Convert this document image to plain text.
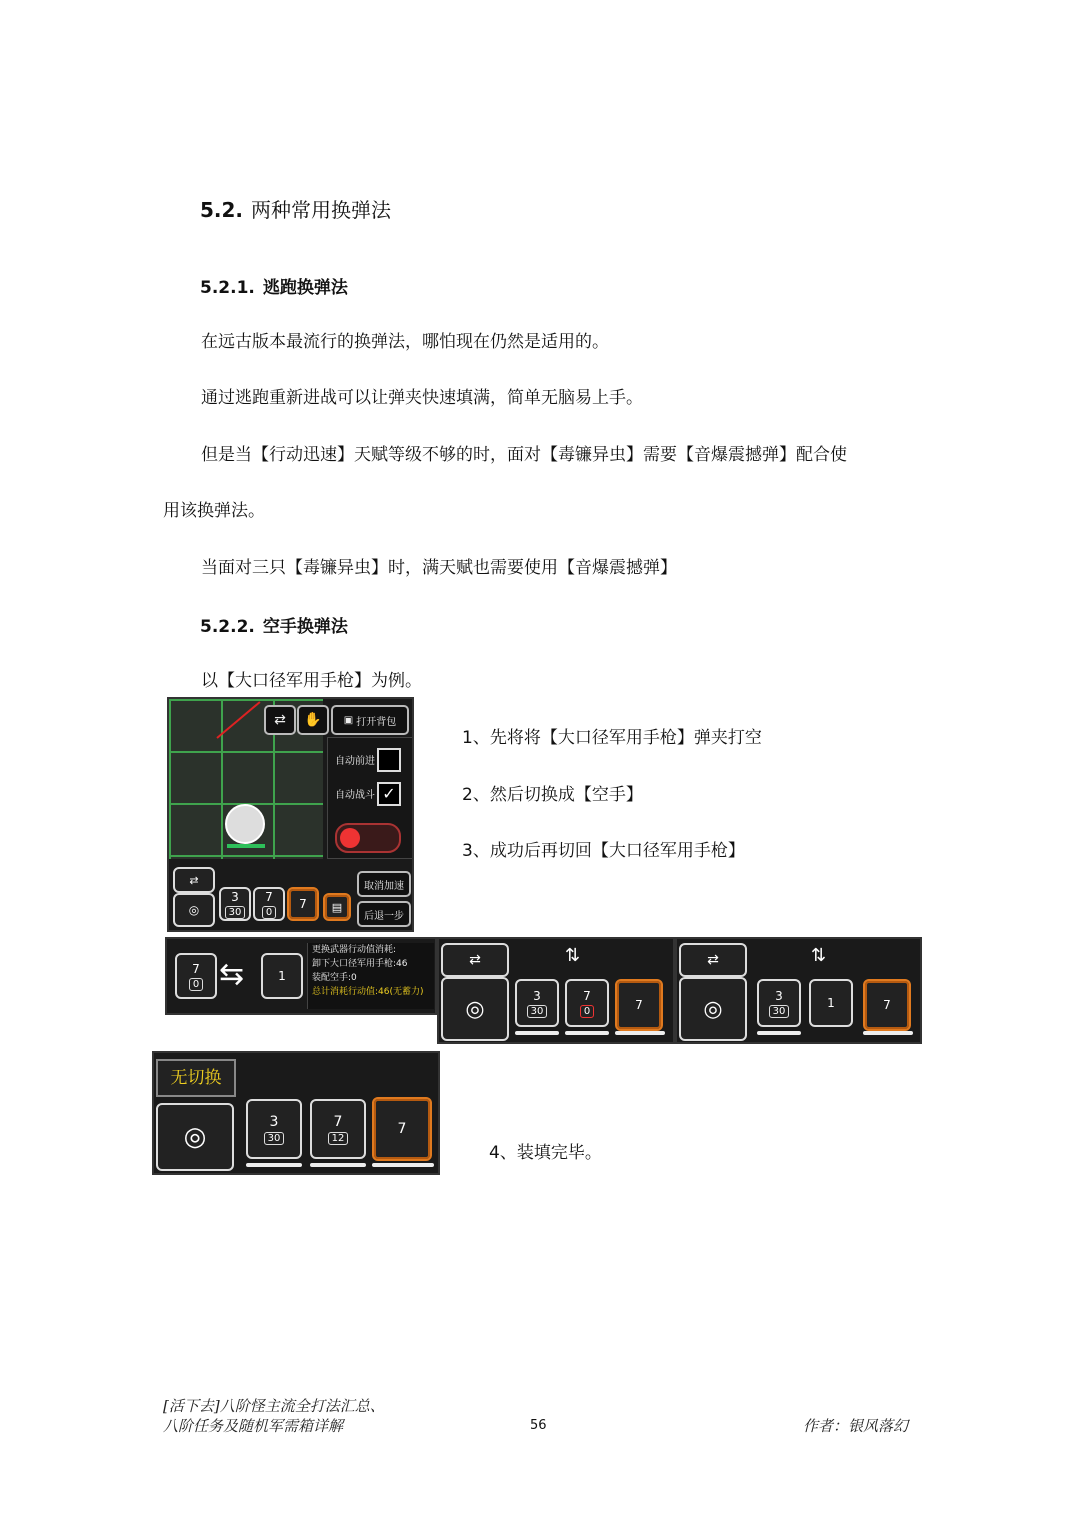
5.2. 两种常用换弹法
5.2.1. 逃跑换弹法
在远古版本最流行的换弹法，哪怕现在仍然是适用的。
通过逃跑重新进战可以让弹夹快速填满，简单无脑易上手。
但是当【行动迅速】天赋等级不够的时，面对【毒镰异虫】需要【音爆震撼弹】配合使
用该换弹法。
当面对三只【毒镰异虫】时，满天赋也需要使用【音爆震撼弹】
5.2.2. 空手换弹法
以【大口径军用手枪】为例。
⇄	✋	▣ 打开背包
自动前进
自动战斗 ✓
⇄
◎
3
30
7
0
7	▤
取消加速
后退一步
1、先将将【大口径军用手枪】弹夹打空
2、然后切换成【空手】
3、成功后再切回【大口径军用手枪】
7
0 ⇆	1
更换武器行动值消耗:
卸下大口径军用手枪:46
装配空手:0
总计消耗行动值:46(无蓄力)
⇄	⇅
◎
3
30
7
0	7
⇄	⇅
◎
3
30
1	7
无切换
◎
3
30
7
12
7
4、装填完毕。
[活下去]八阶怪主流全打法汇总、
八阶任务及随机军需箱详解	56	作者：银风落幻
